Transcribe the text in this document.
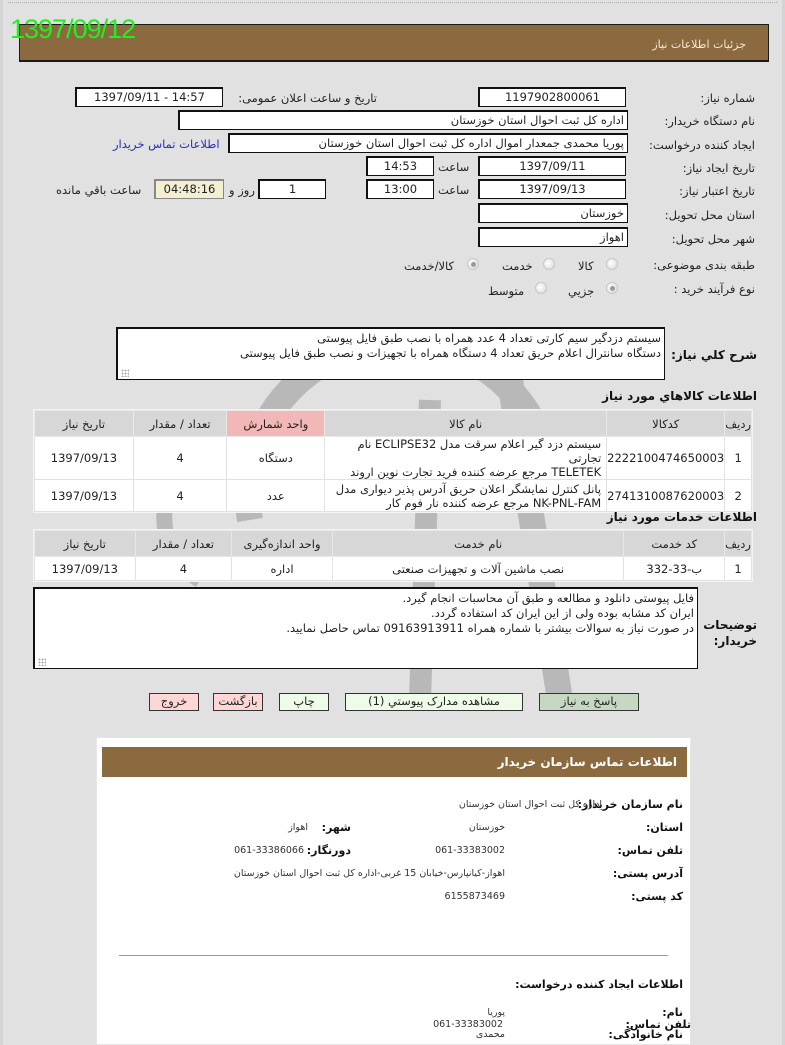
1397/09/12
جزئيات اطلاعات نياز
شماره نياز:
1197902800061
تاريخ و ساعت اعلان عمومی:
1397/09/11 - 14:57
نام دستگاه خريدار:
اداره کل ثبت احوال استان خوزستان
ايجاد کننده درخواست:
پوريا محمدی جمعدار اموال اداره کل ثبت احوال استان خوزستان
اطلاعات تماس خريدار
تاريخ ايجاد نياز:
1397/09/11
ساعت
14:53
تاريخ اعتبار نياز:
1397/09/13
ساعت
13:00
1
روز و
04:48:16
ساعت باقي مانده
استان محل تحويل:
خوزستان
شهر محل تحويل:
اهواز
طبقه بندی موضوعی:
کالا
خدمت
کالا/خدمت
نوع فرآيند خريد :
جزيي
متوسط
شرح کلي نياز:
سيستم دزدگير سيم کارتی تعداد 4 عدد همراه با نصب طبق فايل پيوستی
دستگاه سانترال اعلام حريق تعداد 4 دستگاه همراه با تجهيزات و نصب طبق فايل پيوستی
اطلاعات کالاهاي مورد نياز
رديف	کدکالا	نام کالا	واحد شمارش	تعداد / مقدار	تاريخ نياز
1	2222100474650003	سيستم دزد گير اعلام سرقت مدل ECLIPSE32 نام تجارتی
TELETEK مرجع عرضه کننده فريد تجارت نوين اروند	دستگاه	4	1397/09/13
2	2741310087620003	پانل کنترل نمايشگر اعلان حريق آدرس پذير ديواری مدل
NK-PNL-FAM مرجع عرضه کننده نار فوم کار	عدد	4	1397/09/13
اطلاعات خدمات مورد نياز
رديف	کد خدمت	نام خدمت	واحد اندازه‌گيری	تعداد / مقدار	تاريخ نياز
1	ب-33-332	نصب ماشين آلات و تجهيزات صنعتی	اداره	4	1397/09/13
توضيحات
خريدار:
فايل پيوستی دانلود و مطالعه و طبق آن محاسبات انجام گيرد.
ايران کد مشابه بوده ولی از اين ايران کد استفاده گردد.
در صورت نياز به سوالات بيشتر با شماره همراه 09163913911 تماس حاصل نماييد.
پاسخ به نياز
مشاهده مدارک پيوستي (1)
چاپ
بازگشت
خروج
اطلاعات تماس سازمان خريدار
نام سازمان خريدار:
اداره کل ثبت احوال استان خوزستان
استان:
خوزستان
شهر:
اهواز
تلفن تماس:
061-33383002
دورنگار:
061-33386066
آدرس پستی:
اهواز-کيانپارس-خيابان 15 غربی-اداره کل ثبت احوال استان خوزستان
کد پستی:
6155873469
اطلاعات ايجاد کننده درخواست:
نام:
پوريا
نام خانوادگی:
محمدی
تلفن تماس:
061-33383002
